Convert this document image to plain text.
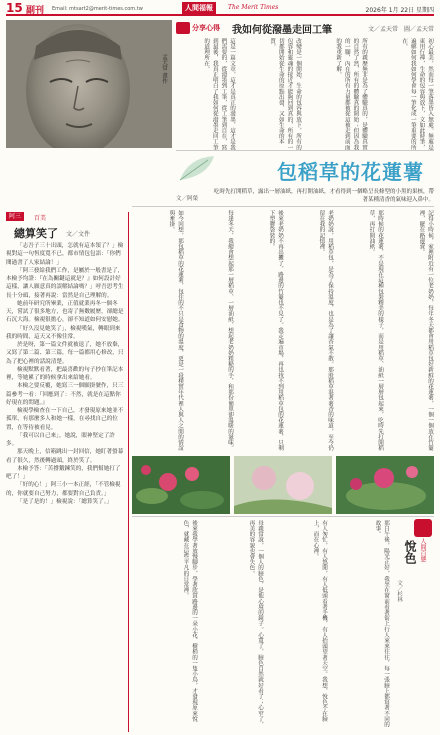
15 副刊 Email: mtsart2@merit-times.com.tw	人間福報	The Merit Times	2026年 1月 22日 星期四
孟天常 畫作
分享心得 我如何從潑墨走回工筆	文／孟天常　圖／孟天常
初心最美，然而每一筆落墨皆入無處。無處是東用行禪，生命的包容與放下，文如此時筆，遍解如何我如何學會每一筆化成一筆重要的所在。
所有的親歷無非是為了體驗真的，是體驗真實的自然了然，所有的體驗真的開始；但因為我的一腳，內在的所有力量都被從這被走到前面的我重新了解。
改變是一個開始，生命的包容與放下，所有的包容和靈魂的接近才能夠回到真的，所有的一切都開始從生命的原點出發，又如生命的本質。
這是一篇文章，這才是真正的潑墨，這才是我們需要的，從潑墨到工筆，從工筆到自在，寫到最後，我真正明白了我如何從潑墨走回工筆的道理所在。
包稻草的花蓮薯
文／阿榮
吃時先打開稻草，露出一層油紙，再打開油紙，才看得到一個略呈長條型的小黑的果核，帶著某種清香的氣味迎入鼻中。
記得小時候，家裡附近有一位老奶奶，每年冬天都會用稻草包好新鮮的花蓮薯，一個一個放在竹簍裡，擺在路邊賣。
那時候的花蓮薯，不是現在這種包裝精美的樣子，而是用稻草、油紙一層層包起來，吃時先打開稻草，再打開油紙。
老奶奶說，用稻草包，是為了保持溫度，也是為了讓香氣不散。那股稻草混著薯香的味道，至今仍留在我的記憶裡。
後來老奶奶不再出攤了，路邊的竹簍也不見了。我走遍市場，再也找不到用稻草包的花蓮薯，只剩下塑膠袋裝的。
每逢冬天，我總會想起那一層稻草、一層油紙，想起老奶奶粗糙的手，和那份簡單卻溫暖的滋味。
如今回想，那包稻草的花蓮薯，包住的不只是食物的溫度，更是一段樸實年代裡人與人之間的情誼與牽掛。
人間百態
悅色
文／杉林
那日午後，陽光正好，我坐在窗前看著街上行人來來往往，每一張臉上都寫著不同的故事。
有人匆忙，有人悠閒，有人低頭看著手機，有人抬頭望著天空。我想，悅色不在臉上，而在心裡。
母親常說，一個人的臉色，是他心境的鏡子。心寬了，臉色自然就好看了；心窄了，再美的容貌也會失色。
後來我學著放慢腳步，學著欣賞路邊的一朵小花、樹梢的一隻小鳥，才發現原來悅色，就藏在這些平凡的日常裡。
阿三	百美
總算笑了 文／文件

「志吾子三十出頭，怎就有這本領了？」檢視對這一句恆度寬不已，都市情包包語：「你們閱過書了人家結論！」

「阿三發給我們工作，是屬於一般書是了，本檢予均證：『在為關鍵這就是？』如何設計好這樣，讓人願意真的誤解結論嗎？」呼吾思考生長十分頭，接著再說：當然是自己理解的。

她前年研究所畢業，正值就業再冬一個冬天，嘗試了很多地方，也寄了無數履歷，卻總是石沉大海。檢視很擔心，卻不知道如何安慰她。

「好久沒見她笑了」，檢視嘆氣，轉眼到來我的時間，這天又不像往常。

於是呀，第一篇文件就被退了，她不放棄，又寫了第二篇、第三篇，每一篇都用心修改，只為了把心裡的話說清楚。

檢視默默看著，把最喜歡的句子抄在筆記本裡，等她累了的時候拿出來給她看。

本檢之要反覆，她寫三一個願掛號作，只三篇參考一看：『回應到了：不然，就是在這點你好現在的問題。』

檢視學檢查在一下自己，才發現原來她並不孤單，有那麼多人和她一樣，在尋找自己的位置，在等待被看見。

「我可以自己來」，她說，眼神堅定了許多。

那天晚上，信箱跳出一封回信，她盯著螢幕看了很久，然後轉過頭，終於笑了。

本檢予答：「苦撐鍛鍊笑的，我們幫她打了吧了！」

「好的心！」阿三小一本正經，「不管檢視的，你就要自己努力，都要對自己負責。」

「是了是的！」檢視說：「總算笑了。」
